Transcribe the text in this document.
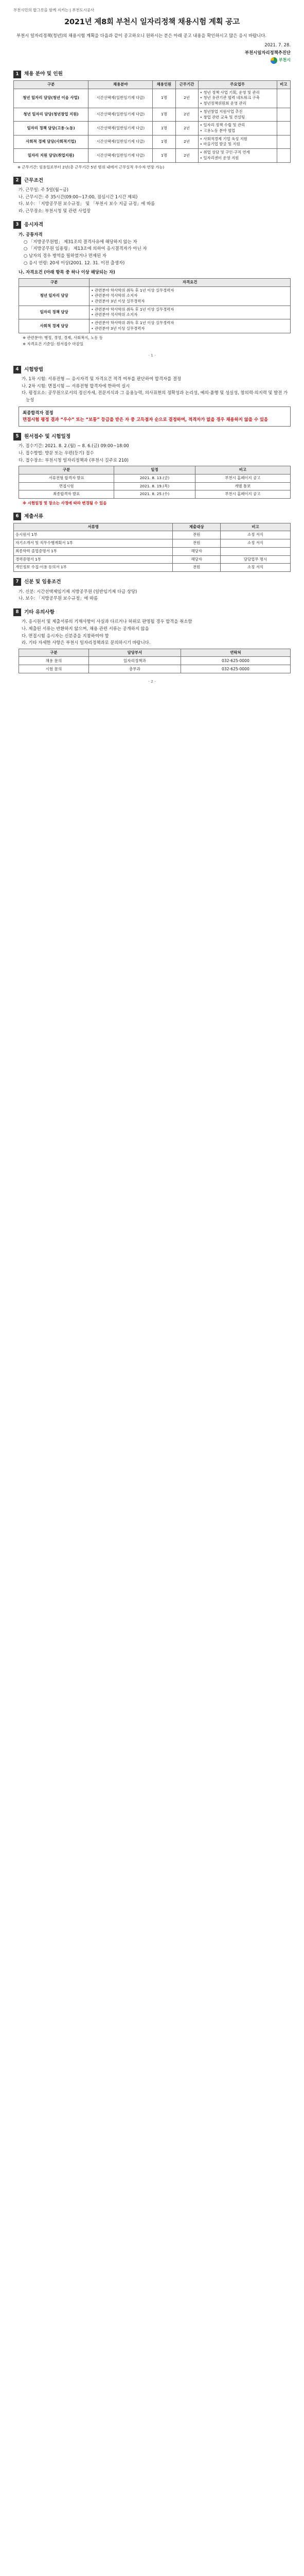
부천시민의 밥그릇을 함께 지키는 | 부천도시공사
2021년 제8회 부천시 일자리정책 채용시험 계획 공고
부천시 일자리정책(청년)의 채용시험 계획을 다음과 같이 공고하오니 원하시는 분은 아래 공고 내용을 확인하시고 많은 응시 바랍니다.
2021. 7. 28.
부천시일자리정책추진단
부천시
1	채용 분야 및 인원
구분	채용분야	채용인원	근무기간	주요업무	비고
청년 일자리 담당(청년 이음 사업)	시간선택제(일반임기제 다급)	1명	2년	• 청년 정책 사업 기획, 운영 및 관리
• 청년 유관기관 협력 네트워크 구축
• 청년정책위원회 운영 관리	
청년 일자리 담당(청년창업 지원)	시간선택제(일반임기제 다급)	1명	2년	• 청년창업 지원사업 추진
• 창업 관련 교육 및 컨설팅	
일자리 정책 담당(고용·노동)	시간선택제(일반임기제 다급)	1명	2년	• 일자리 정책 수립 및 관리
• 고용노동 분야 협업	
사회적 경제 담당(사회적기업)	시간선택제(일반임기제 다급)	1명	2년	• 사회적경제 기업 육성 지원
• 마을기업 발굴 및 지원	
일자리 지원 담당(취업지원)	시간선택제(일반임기제 다급)	1명	2년	• 취업 상담 및 구인·구직 연계
• 일자리센터 운영 지원	
※ 근무기간: 임용일로부터 2년(총 근무기간 5년 범위 내에서 근무실적 우수자 연장 가능)
2	근무조건
가. 근무일: 주 5일(월~금)
나. 근무시간: 주 35시간(09:00~17:00, 점심시간 1시간 제외)
다. 보수: 「지방공무원 보수규정」 및 「부천시 보수 지급 규정」에 따름
라. 근무장소: 부천시청 및 관련 사업장
3	응시자격
가. 공통자격
○ 「지방공무원법」 제31조의 결격사유에 해당하지 않는 자
○ 「지방공무원 임용령」 제13조에 의하여 응시결격자가 아닌 자
○ 남자의 경우 병역을 필하였거나 면제된 자
○ 응시 연령: 20세 이상(2001. 12. 31. 이전 출생자)
나. 자격요건 (아래 항목 중 하나 이상 해당되는 자)
구분	자격요건
청년 일자리 담당	• 관련분야 학사학위 취득 후 1년 이상 실무경력자
• 관련분야 석사학위 소지자
• 관련분야 3년 이상 실무경력자
일자리 정책 담당	• 관련분야 학사학위 취득 후 1년 이상 실무경력자
• 관련분야 석사학위 소지자
사회적 경제 담당	• 관련분야 학사학위 취득 후 1년 이상 실무경력자
• 관련분야 3년 이상 실무경력자
※ 관련분야: 행정, 경영, 경제, 사회복지, 노동 등
※ 자격요건 기준일: 원서접수 마감일
- 1 -
4	시험방법
가. 1차 시험: 서류전형 — 응시자격 및 자격요건 적격 여부를 판단하여 합격자를 결정
나. 2차 시험: 면접시험 — 서류전형 합격자에 한하여 실시
다. 평정요소: 공무원으로서의 정신자세, 전문지식과 그 응용능력, 의사표현의 정확성과 논리성, 예의·품행 및 성실성, 창의력·의지력 및 발전 가능성
최종합격자 결정
면접시험 평정 결과 “우수” 또는 “보통” 등급을 받은 자 중 고득점자 순으로 결정하며, 적격자가 없을 경우 채용하지 않을 수 있음
5	원서접수 및 시험일정
가. 접수기간: 2021. 8. 2.(월) ~ 8. 6.(금) 09:00~18:00
나. 접수방법: 방문 또는 우편(등기) 접수
다. 접수장소: 부천시청 일자리정책과 (부천시 길주로 210)
구분	일정	비고
서류전형 합격자 발표	2021. 8. 13.(금)	부천시 홈페이지 공고
면접시험	2021. 8. 19.(목)	개별 통보
최종합격자 발표	2021. 8. 25.(수)	부천시 홈페이지 공고
※ 시험일정 및 장소는 사정에 따라 변경될 수 있음
6	제출서류
서류명	제출대상	비고
응시원서 1부	전원	소정 서식
자기소개서 및 직무수행계획서 1부	전원	소정 서식
최종학력 졸업증명서 1부	해당자	
경력증명서 1부	해당자	담당업무 명시
개인정보 수집·이용 동의서 1부	전원	소정 서식
7	신분 및 임용조건
가. 신분: 시간선택제임기제 지방공무원 (일반임기제 다급 상당)
나. 보수: 「지방공무원 보수규정」에 따름
8	기타 유의사항
가. 응시원서 및 제출서류의 기재사항이 사실과 다르거나 허위로 판명될 경우 합격을 취소함
나. 제출된 서류는 반환하지 않으며, 채용 관련 서류는 공개하지 않음
다. 면접시험 응시자는 신분증을 지참하여야 함
라. 기타 자세한 사항은 부천시 일자리정책과로 문의하시기 바랍니다.
구분	담당부서	연락처
채용 문의	일자리정책과	032-625-0000
시험 문의	총무과	032-625-0000
- 2 -
